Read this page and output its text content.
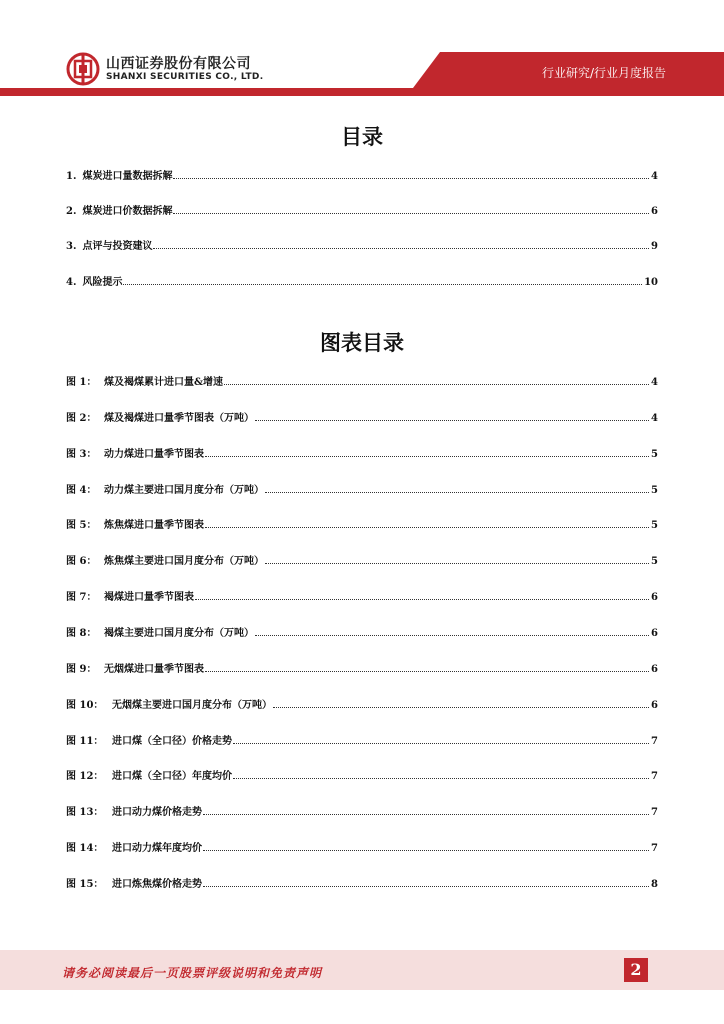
山西证券股份有限公司
SHANXI SECURITIES CO., LTD.	行业研究/行业月度报告
目录
1. 煤炭进口量数据拆解	4
2. 煤炭进口价数据拆解	6
3. 点评与投资建议	9
4. 风险提示	10
图表目录
图 1： 煤及褐煤累计进口量&增速	4
图 2： 煤及褐煤进口量季节图表（万吨）	4
图 3： 动力煤进口量季节图表	5
图 4： 动力煤主要进口国月度分布（万吨）	5
图 5： 炼焦煤进口量季节图表	5
图 6： 炼焦煤主要进口国月度分布（万吨）	5
图 7： 褐煤进口量季节图表	6
图 8： 褐煤主要进口国月度分布（万吨）	6
图 9： 无烟煤进口量季节图表	6
图 10： 无烟煤主要进口国月度分布（万吨）	6
图 11： 进口煤（全口径）价格走势	7
图 12： 进口煤（全口径）年度均价	7
图 13： 进口动力煤价格走势	7
图 14： 进口动力煤年度均价	7
图 15： 进口炼焦煤价格走势	8
请务必阅读最后一页股票评级说明和免责声明	2
